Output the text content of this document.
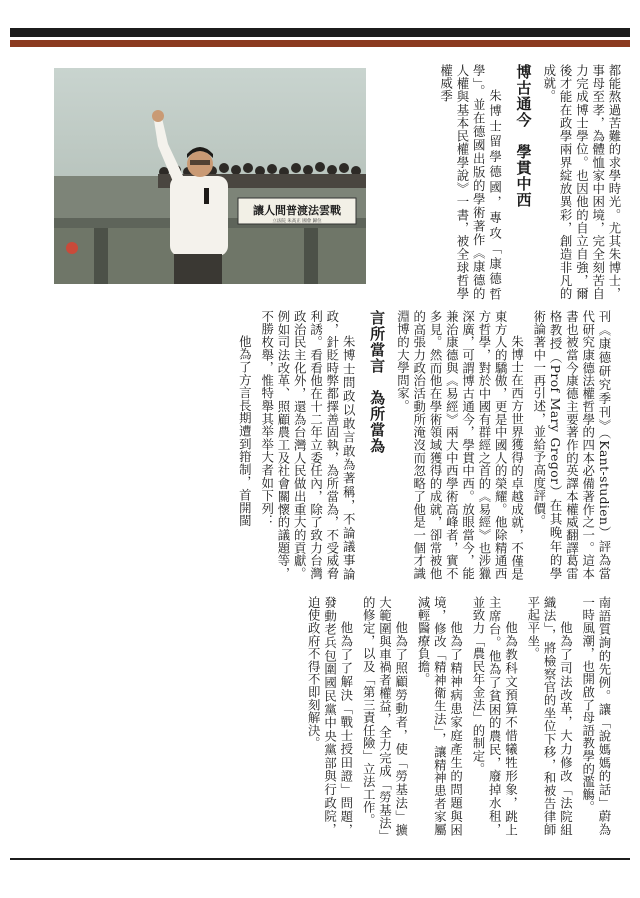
都能熬過苦難的求學時光。尤其朱博士，事母至孝，為體恤家中困境，完全刻苦自力完成博士學位。也因他的自立自強，爾後才能在政學兩界綻放異彩，創造非凡的成就。

博古通今　學貫中西

朱博士留學德國，專攻「康德哲學」。並在德國出版的學術著作《康德的人權與基本民權學說》一書，被全球哲學權威季

讓人間普渡法雲戰
立法院 朱高正 國會 歸位

刊《康德研究季刊》（Kant-studien）評為當代研究康德法權哲學的四本必備著作之一。這本書也被當今康德主要著作的英譯本權威翻譯葛雷格教授（Prof Mary Gregor）在其晚年的學術論著中一再引述，並給予高度評價。

朱博士在西方世界獲得的卓越成就，不僅是東方人的驕傲，更是中國人的榮耀。他除精通西方哲學，對於中國有群經之首的《易經》也涉獵深廣，可謂博古通今，學貫中西。放眼當今，能兼治康德與《易經》兩大中西學術高峰者，實不多見。然而他在學術領域獲得的成就，卻常被他的高張力政治活動所淹沒而忽略了他是一個才識淵博的大學問家。

言所當言　為所當為

朱博士問政以敢言敢為著稱，不論議事論政，針貶時弊都擇善固執，為所當為，不受威脅利誘。看看他在十二年立委任內，除了致力台灣政治民主化外，還為台灣人民做出重大的貢獻。例如司法改革、照顧農工及社會關懷的議題等，不勝枚舉，惟特舉其举举大者如下列：

他為了方言長期遭到箝制，首開閩

南語質詢的先例。讓「說媽媽的話」蔚為一時風潮，也開啟了母語教學的濫觴。

他為了司法改革，大力修改「法院組織法」，將檢察官的坐位下移，和被告律師平起平坐。

他為教科文預算不惜犧牲形象，跳上主席台。他為了貧困的農民，廢掉水租，並致力「農民年金法」的制定。

他為了精神病患家庭產生的問題與困境，修改「精神衛生法」，讓精神患者家屬減輕醫療負擔。

他為了照顧勞動者，使「勞基法」擴大範圍與車禍者權益，全力完成「勞基法」的修定，以及「第三責任險」立法工作。

他為了了解決「戰士授田證」問題，發動老兵包圍國民黨中央黨部與行政院，迫使政府不得不即刻解決。
